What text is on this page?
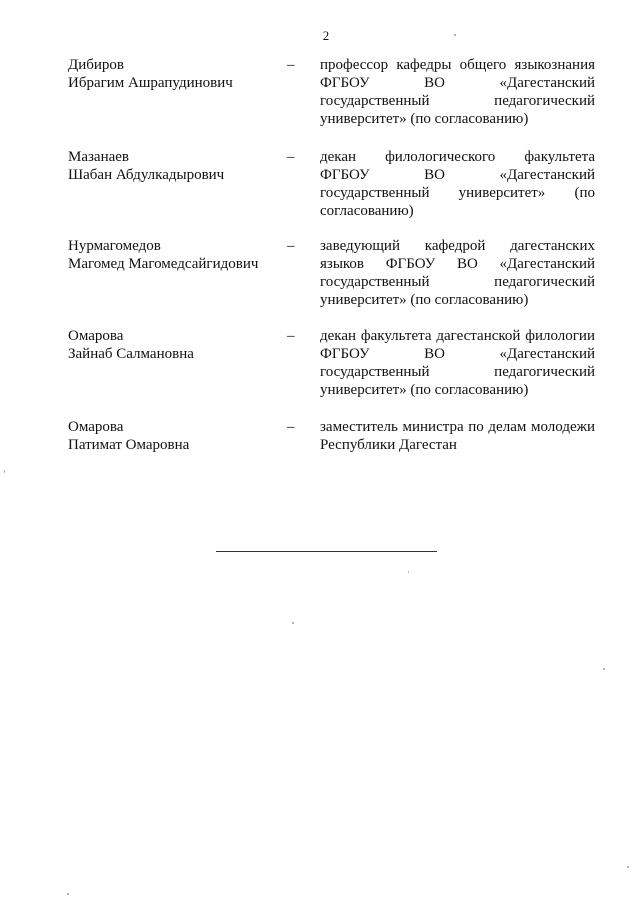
2
Дибиров
Ибрагим Ашрапудинович
– профессор кафедры общего языкознания ФГБОУ ВО «Дагестанский государственный педагогический университет» (по согласованию)
Мазанаев
Шабан Абдулкадырович
– декан филологического факультета ФГБОУ ВО «Дагестанский государственный университет» (по согласованию)
Нурмагомедов
Магомед Магомедсайгидович
– заведующий кафедрой дагестанских языков ФГБОУ ВО «Дагестанский государственный педагогический университет» (по согласованию)
Омарова
Зайнаб Салмановна
– декан факультета дагестанской филологии ФГБОУ ВО «Дагестанский государственный педагогический университет» (по согласованию)
Омарова
Патимат Омаровна
– заместитель министра по делам молодежи Республики Дагестан
